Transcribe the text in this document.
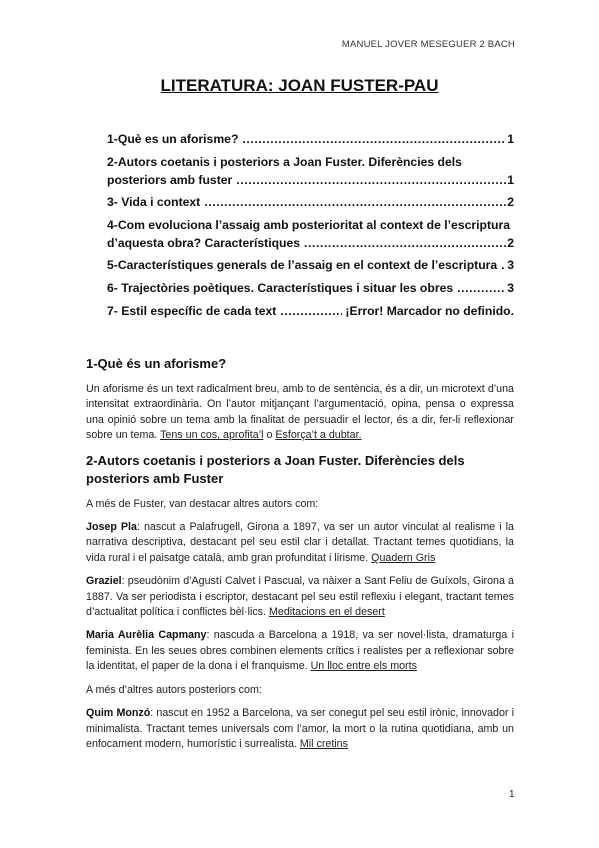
MANUEL JOVER MESEGUER 2 BACH
LITERATURA: JOAN FUSTER-PAU
1-Què es un aforisme? .....	1
2-Autors coetanis i posteriors a Joan Fuster. Diferències dels
posteriors amb fuster .....	1
3- Vida i context .....	2
4-Com evoluciona l’assaig amb posterioritat al context de l’escriptura
d’aquesta obra? Característiques .....	2
5-Característiques generals de l’assaig en el context de l’escriptura ..... 3
6- Trajectòries poètiques. Característiques i situar les obres .....	3
7- Estil específic de cada text .....	¡Error! Marcador no definido.
1-Què és un aforisme?

Un aforisme és un text radicalment breu, amb to de sentència, és a dir, un microtext d’una intensitat extraordinària. On l’autor mitjançant l’argumentació, opina, pensa o expressa una opinió sobre un tema amb la finalitat de persuadir el lector, és a dir, fer-li reflexionar sobre un tema. Tens un cos, aprofita’l o Esforça’t a dubtar.

2-Autors coetanis i posteriors a Joan Fuster. Diferències dels posteriors amb Fuster

A més de Fuster, van destacar altres autors com:

Josep Pla: nascut a Palafrugell, Girona a 1897, va ser un autor vinculat al realisme i la narrativa descriptiva, destacant pel seu estil clar i detallat. Tractant temes quotidians, la vida rural i el paisatge català, amb gran profunditat i lirisme. Quadern Gris

Graziel: pseudònim d’Agustí Calvet i Pascual, va nàixer a Sant Feliu de Guíxols, Girona a 1887. Va ser periodista i escriptor, destacant pel seu estil reflexiu i elegant, tractant temes d’actualitat política i conflictes bèl·lics. Meditacions en el desert

Maria Aurèlia Capmany: nascuda a Barcelona a 1918, va ser novel·lista, dramaturga i feminista. En les seues obres combinen elements crítics i realistes per a reflexionar sobre la identitat, el paper de la dona i el franquisme. Un lloc entre els morts

A més d’altres autors posteriors com:

Quim Monzó: nascut en 1952 a Barcelona, va ser conegut pel seu estil irònic, innovador i minimalista. Tractant temes universals com l’amor, la mort o la rutina quotidiana, amb un enfocament modern, humorístic i surrealista. Mil cretins

1
